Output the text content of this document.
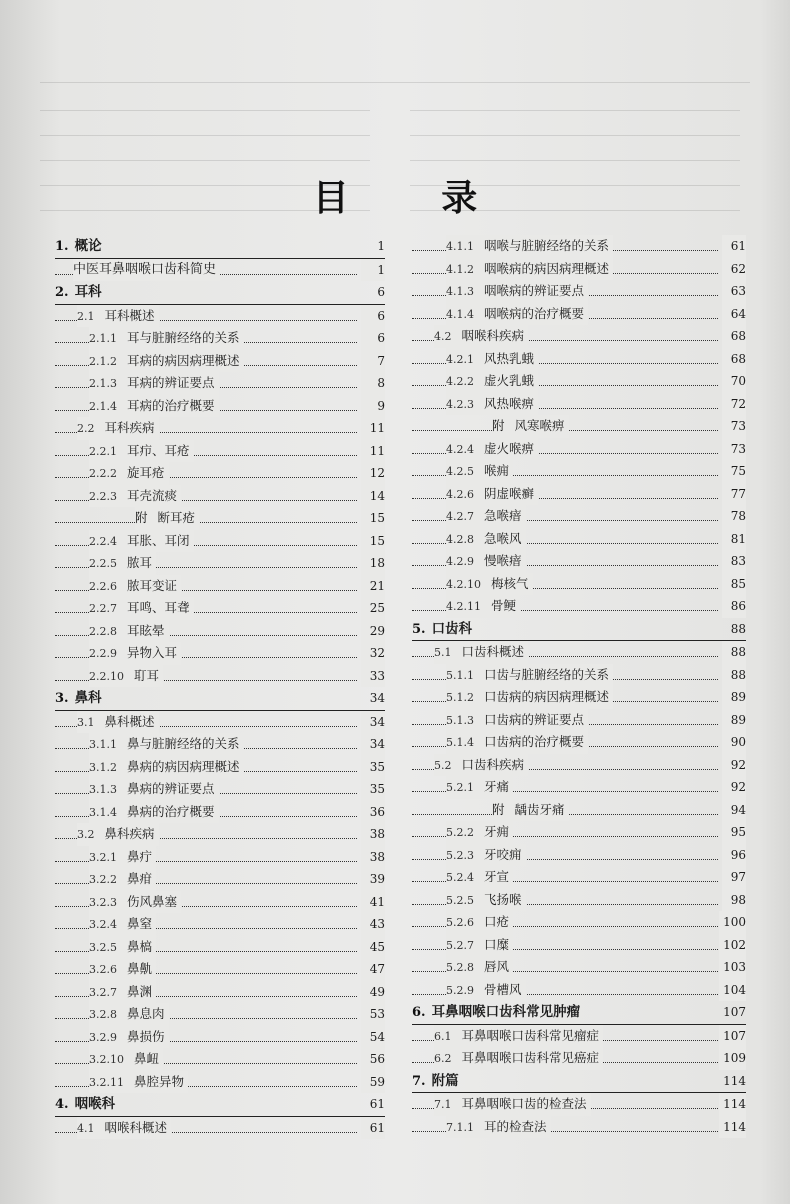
目 录
1. 概论	1
中医耳鼻咽喉口齿科简史	1
2. 耳科	6
2.1 耳科概述	6
2.1.1 耳与脏腑经络的关系	6
2.1.2 耳病的病因病理概述	7
2.1.3 耳病的辨证要点	8
2.1.4 耳病的治疗概要	9
2.2 耳科疾病	11
2.2.1 耳疖、耳疮	11
2.2.2 旋耳疮	12
2.2.3 耳壳流痰	14
附 断耳疮	15
2.2.4 耳胀、耳闭	15
2.2.5 脓耳	18
2.2.6 脓耳变证	21
2.2.7 耳鸣、耳聋	25
2.2.8 耳眩晕	29
2.2.9 异物入耳	32
2.2.10 耵耳	33
3. 鼻科	34
3.1 鼻科概述	34
3.1.1 鼻与脏腑经络的关系	34
3.1.2 鼻病的病因病理概述	35
3.1.3 鼻病的辨证要点	35
3.1.4 鼻病的治疗概要	36
3.2 鼻科疾病	38
3.2.1 鼻疔	38
3.2.2 鼻疳	39
3.2.3 伤风鼻塞	41
3.2.4 鼻窒	43
3.2.5 鼻槁	45
3.2.6 鼻鼽	47
3.2.7 鼻渊	49
3.2.8 鼻息肉	53
3.2.9 鼻损伤	54
3.2.10 鼻衄	56
3.2.11 鼻腔异物	59
4. 咽喉科	61
4.1 咽喉科概述	61
4.1.1 咽喉与脏腑经络的关系	61
4.1.2 咽喉病的病因病理概述	62
4.1.3 咽喉病的辨证要点	63
4.1.4 咽喉病的治疗概要	64
4.2 咽喉科疾病	68
4.2.1 风热乳蛾	68
4.2.2 虚火乳蛾	70
4.2.3 风热喉痹	72
附 风寒喉痹	73
4.2.4 虚火喉痹	73
4.2.5 喉痈	75
4.2.6 阴虚喉癣	77
4.2.7 急喉瘖	78
4.2.8 急喉风	81
4.2.9 慢喉瘖	83
4.2.10 梅核气	85
4.2.11 骨鲠	86
5. 口齿科	88
5.1 口齿科概述	88
5.1.1 口齿与脏腑经络的关系	88
5.1.2 口齿病的病因病理概述	89
5.1.3 口齿病的辨证要点	89
5.1.4 口齿病的治疗概要	90
5.2 口齿科疾病	92
5.2.1 牙痛	92
附 龋齿牙痛	94
5.2.2 牙痈	95
5.2.3 牙咬痈	96
5.2.4 牙宣	97
5.2.5 飞扬喉	98
5.2.6 口疮	100
5.2.7 口糜	102
5.2.8 唇风	103
5.2.9 骨槽风	104
6. 耳鼻咽喉口齿科常见肿瘤	107
6.1 耳鼻咽喉口齿科常见瘤症	107
6.2 耳鼻咽喉口齿科常见癌症	109
7. 附篇	114
7.1 耳鼻咽喉口齿的检查法	114
7.1.1 耳的检查法	114
